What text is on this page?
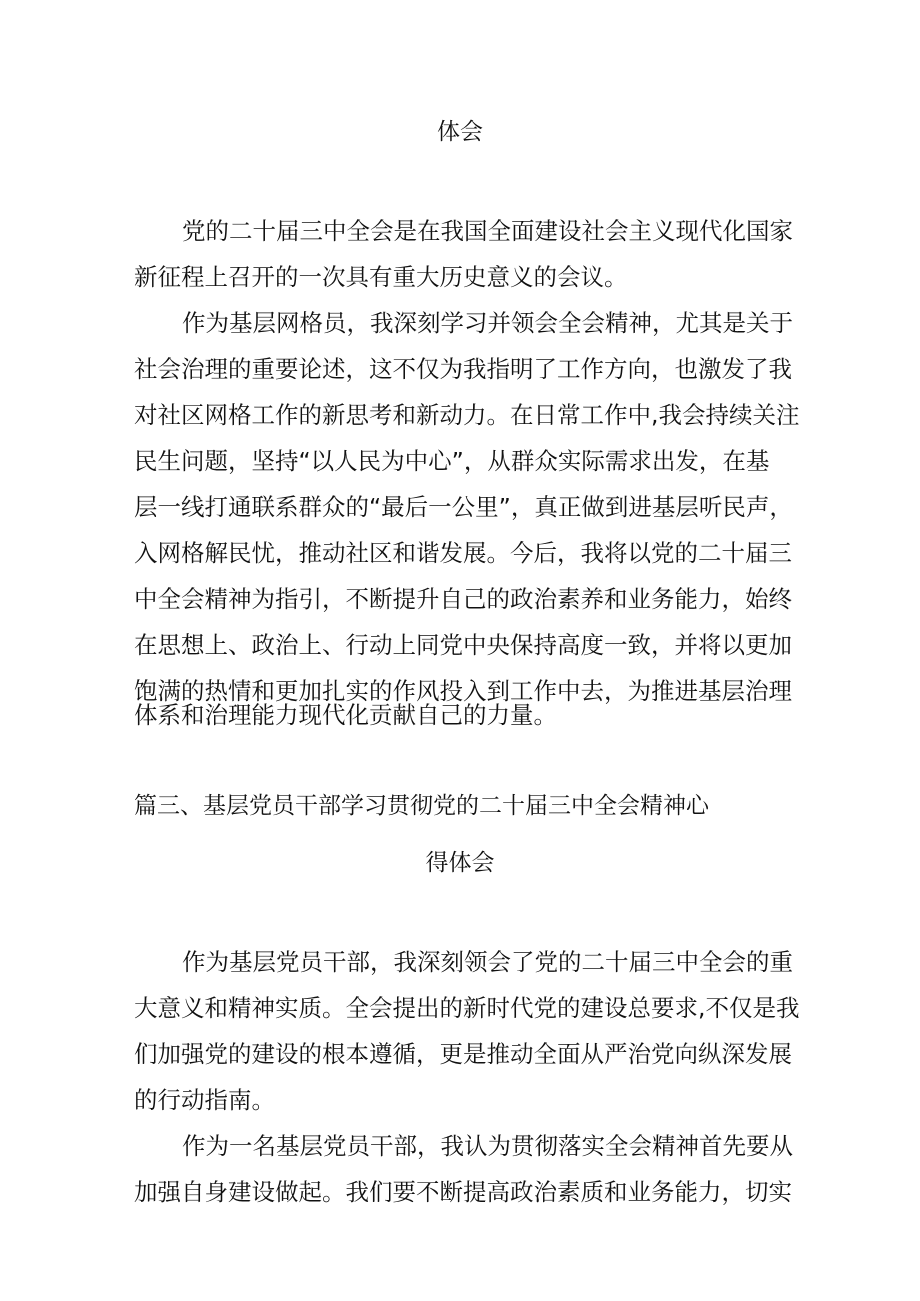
体会
党的二十届三中全会是在我国全面建设社会主义现代化国家
新征程上召开的一次具有重大历史意义的会议。
作为基层网格员，我深刻学习并领会全会精神，尤其是关于
社会治理的重要论述，这不仅为我指明了工作方向，也激发了我
对社区网格工作的新思考和新动力。在日常工作中,我会持续关注
民生问题，坚持“以人民为中心”，从群众实际需求出发，在基
层一线打通联系群众的“最后一公里”，真正做到进基层听民声，
入网格解民忧，推动社区和谐发展。今后，我将以党的二十届三
中全会精神为指引，不断提升自己的政治素养和业务能力，始终
在思想上、政治上、行动上同党中央保持高度一致，并将以更加
饱满的热情和更加扎实的作风投入到工作中去，为推进基层治理
体系和治理能力现代化贡献自己的力量。
篇三、基层党员干部学习贯彻党的二十届三中全会精神心
得体会
作为基层党员干部，我深刻领会了党的二十届三中全会的重
大意义和精神实质。全会提出的新时代党的建设总要求,不仅是我
们加强党的建设的根本遵循，更是推动全面从严治党向纵深发展
的行动指南。
作为一名基层党员干部，我认为贯彻落实全会精神首先要从
加强自身建设做起。我们要不断提高政治素质和业务能力，切实
